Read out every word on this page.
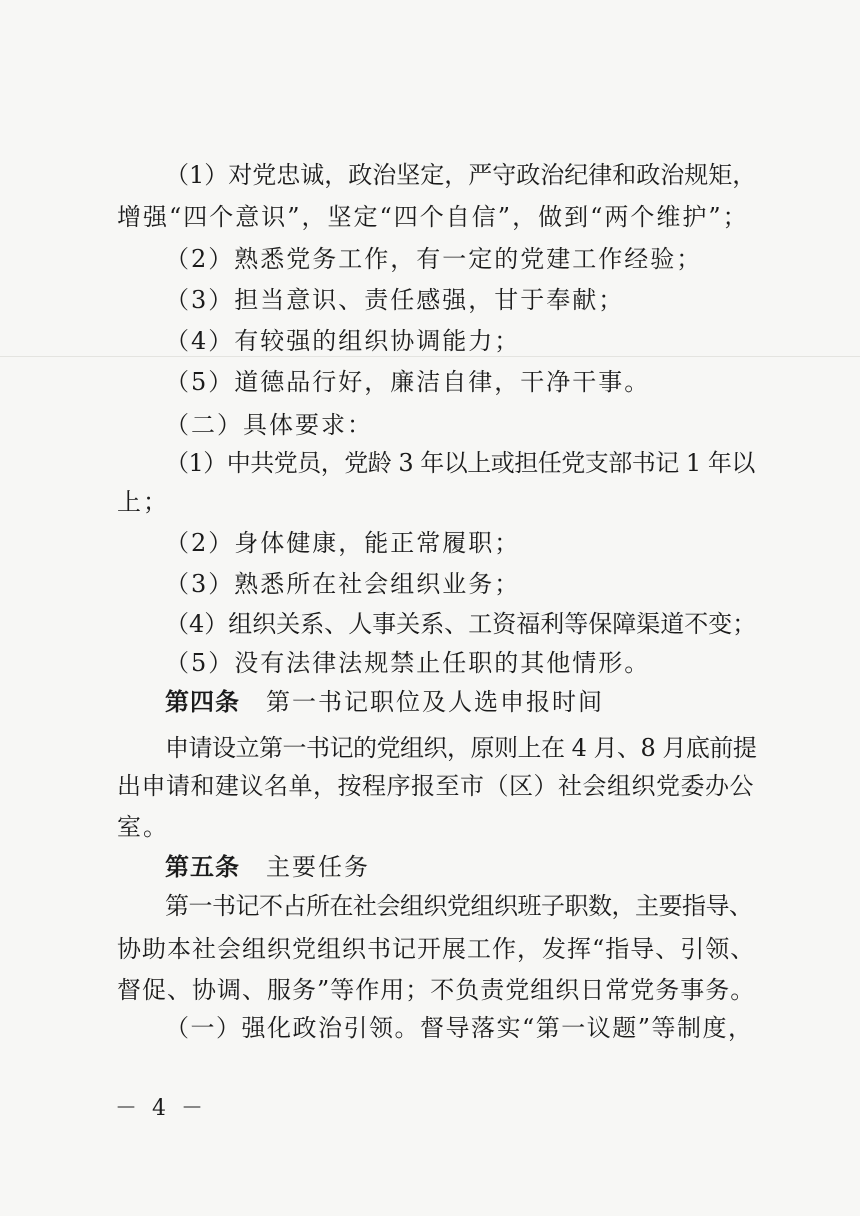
（1）对党忠诚，政治坚定，严守政治纪律和政治规矩，
增强“四个意识”，坚定“四个自信”，做到“两个维护”；
（2）熟悉党务工作，有一定的党建工作经验；
（3）担当意识、责任感强，甘于奉献；
（4）有较强的组织协调能力；
（5）道德品行好，廉洁自律，干净干事。
（二）具体要求：
（1）中共党员，党龄 3 年以上或担任党支部书记 1 年以
上；
（2）身体健康，能正常履职；
（3）熟悉所在社会组织业务；
（4）组织关系、人事关系、工资福利等保障渠道不变；
（5）没有法律法规禁止任职的其他情形。
第四条 第一书记职位及人选申报时间
申请设立第一书记的党组织，原则上在 4 月、8 月底前提
出申请和建议名单，按程序报至市（区）社会组织党委办公
室。
第五条 主要任务
第一书记不占所在社会组织党组织班子职数，主要指导、
协助本社会组织党组织书记开展工作，发挥“指导、引领、
督促、协调、服务”等作用；不负责党组织日常党务事务。
（一）强化政治引领。督导落实“第一议题”等制度，
－ 4 －
